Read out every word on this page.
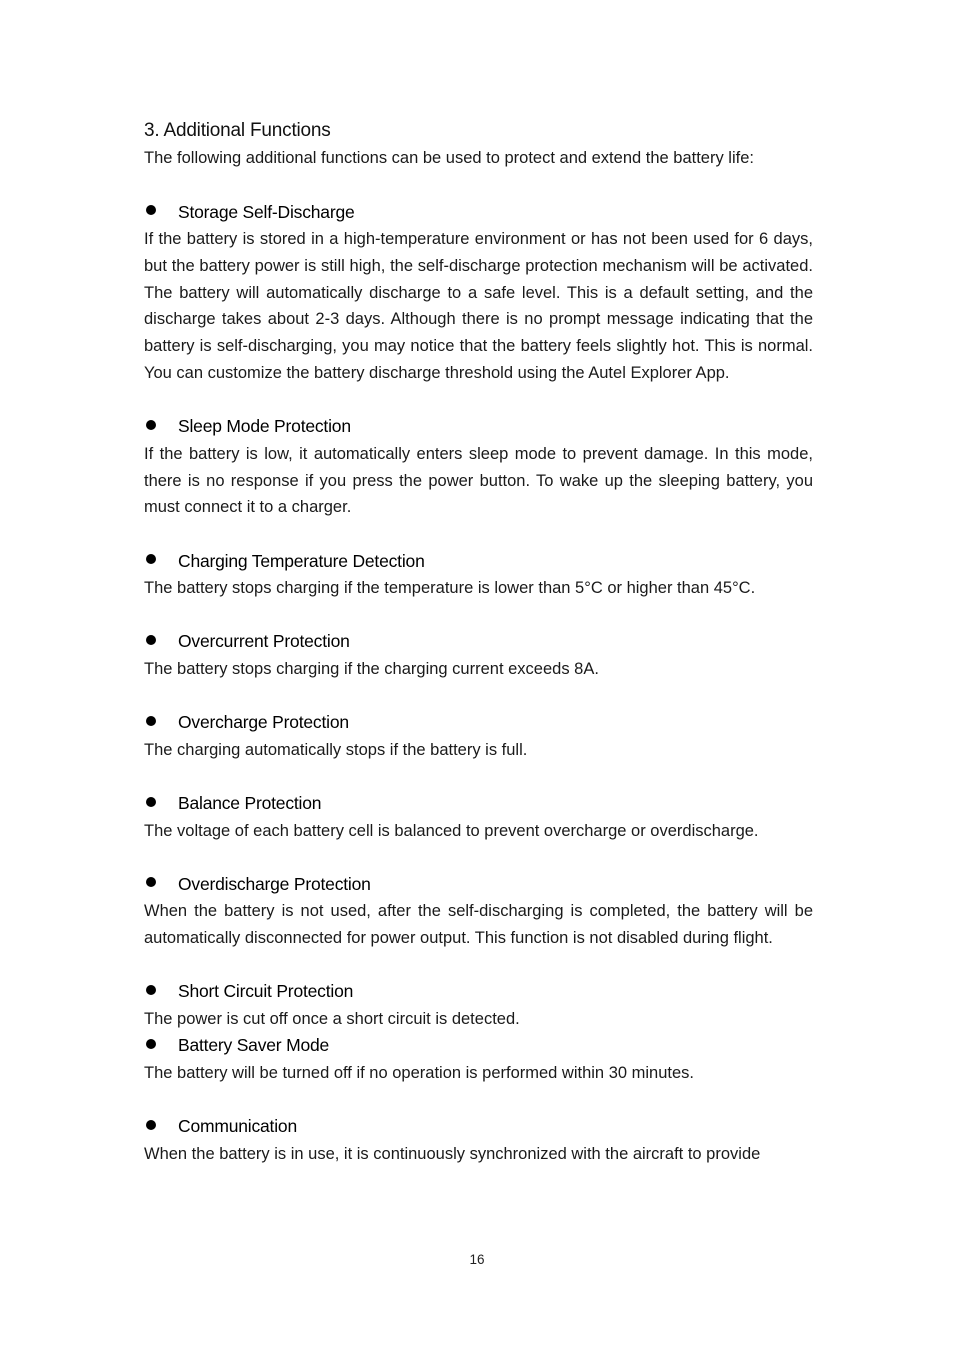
3. Additional Functions

The following additional functions can be used to protect and extend the battery life:

Storage Self-Discharge

If the battery is stored in a high-temperature environment or has not been used for 6 days, but the battery power is still high, the self-discharge protection mechanism will be activated. The battery will automatically discharge to a safe level. This is a default setting, and the discharge takes about 2-3 days. Although there is no prompt message indicating that the battery is self-discharging, you may notice that the battery feels slightly hot. This is normal. You can customize the battery discharge threshold using the Autel Explorer App.

Sleep Mode Protection

If the battery is low, it automatically enters sleep mode to prevent damage. In this mode, there is no response if you press the power button. To wake up the sleeping battery, you must connect it to a charger.

Charging Temperature Detection

The battery stops charging if the temperature is lower than 5°C or higher than 45°C.

Overcurrent Protection

The battery stops charging if the charging current exceeds 8A.

Overcharge Protection

The charging automatically stops if the battery is full.

Balance Protection

The voltage of each battery cell is balanced to prevent overcharge or overdischarge.

Overdischarge Protection

When the battery is not used, after the self-discharging is completed, the battery will be automatically disconnected for power output. This function is not disabled during flight.

Short Circuit Protection

The power is cut off once a short circuit is detected.

Battery Saver Mode

The battery will be turned off if no operation is performed within 30 minutes.

Communication

When the battery is in use, it is continuously synchronized with the aircraft to provide

16
